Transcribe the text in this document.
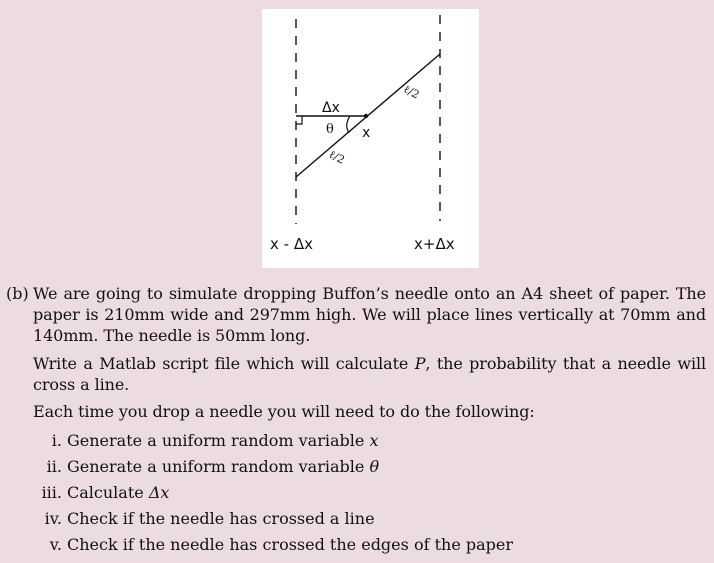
Δx
θ x
ℓ/2
ℓ/2
x - Δx	x+Δx
(b) We are going to simulate dropping Buffon’s needle onto an A4 sheet of paper. The paper is 210mm wide and 297mm high. We will place lines vertically at 70mm and 140mm. The needle is 50mm long.
Write a Matlab script file which will calculate P, the probability that a needle will cross a line.
Each time you drop a needle you will need to do the following:
i. Generate a uniform random variable x
ii. Generate a uniform random variable θ
iii. Calculate Δx
iv. Check if the needle has crossed a line
v. Check if the needle has crossed the edges of the paper
